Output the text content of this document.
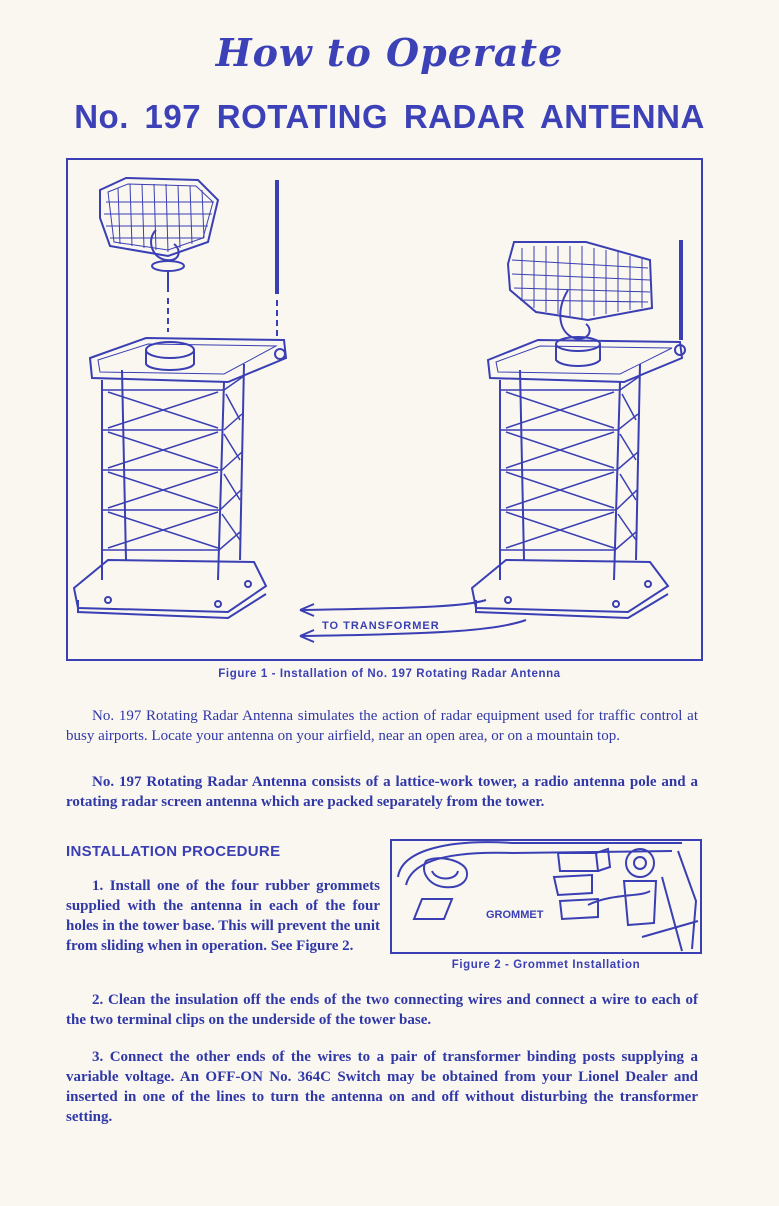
How to Operate
No. 197 ROTATING RADAR ANTENNA
TO TRANSFORMER
Figure 1 - Installation of No. 197 Rotating Radar Antenna
No. 197 Rotating Radar Antenna simulates the action of radar equipment used for traffic control at busy airports. Locate your antenna on your airfield, near an open area, or on a mountain top.
No. 197 Rotating Radar Antenna consists of a lattice-work tower, a radio antenna pole and a rotating radar screen antenna which are packed separately from the tower.
INSTALLATION PROCEDURE
1. Install one of the four rubber grommets supplied with the antenna in each of the four holes in the tower base. This will prevent the unit from sliding when in operation. See Figure 2.
GROMMET
Figure 2 - Grommet Installation
2. Clean the insulation off the ends of the two connecting wires and connect a wire to each of the two terminal clips on the underside of the tower base.
3. Connect the other ends of the wires to a pair of transformer binding posts supplying a variable voltage. An OFF-ON No. 364C Switch may be obtained from your Lionel Dealer and inserted in one of the lines to turn the antenna on and off without disturbing the transformer setting.
